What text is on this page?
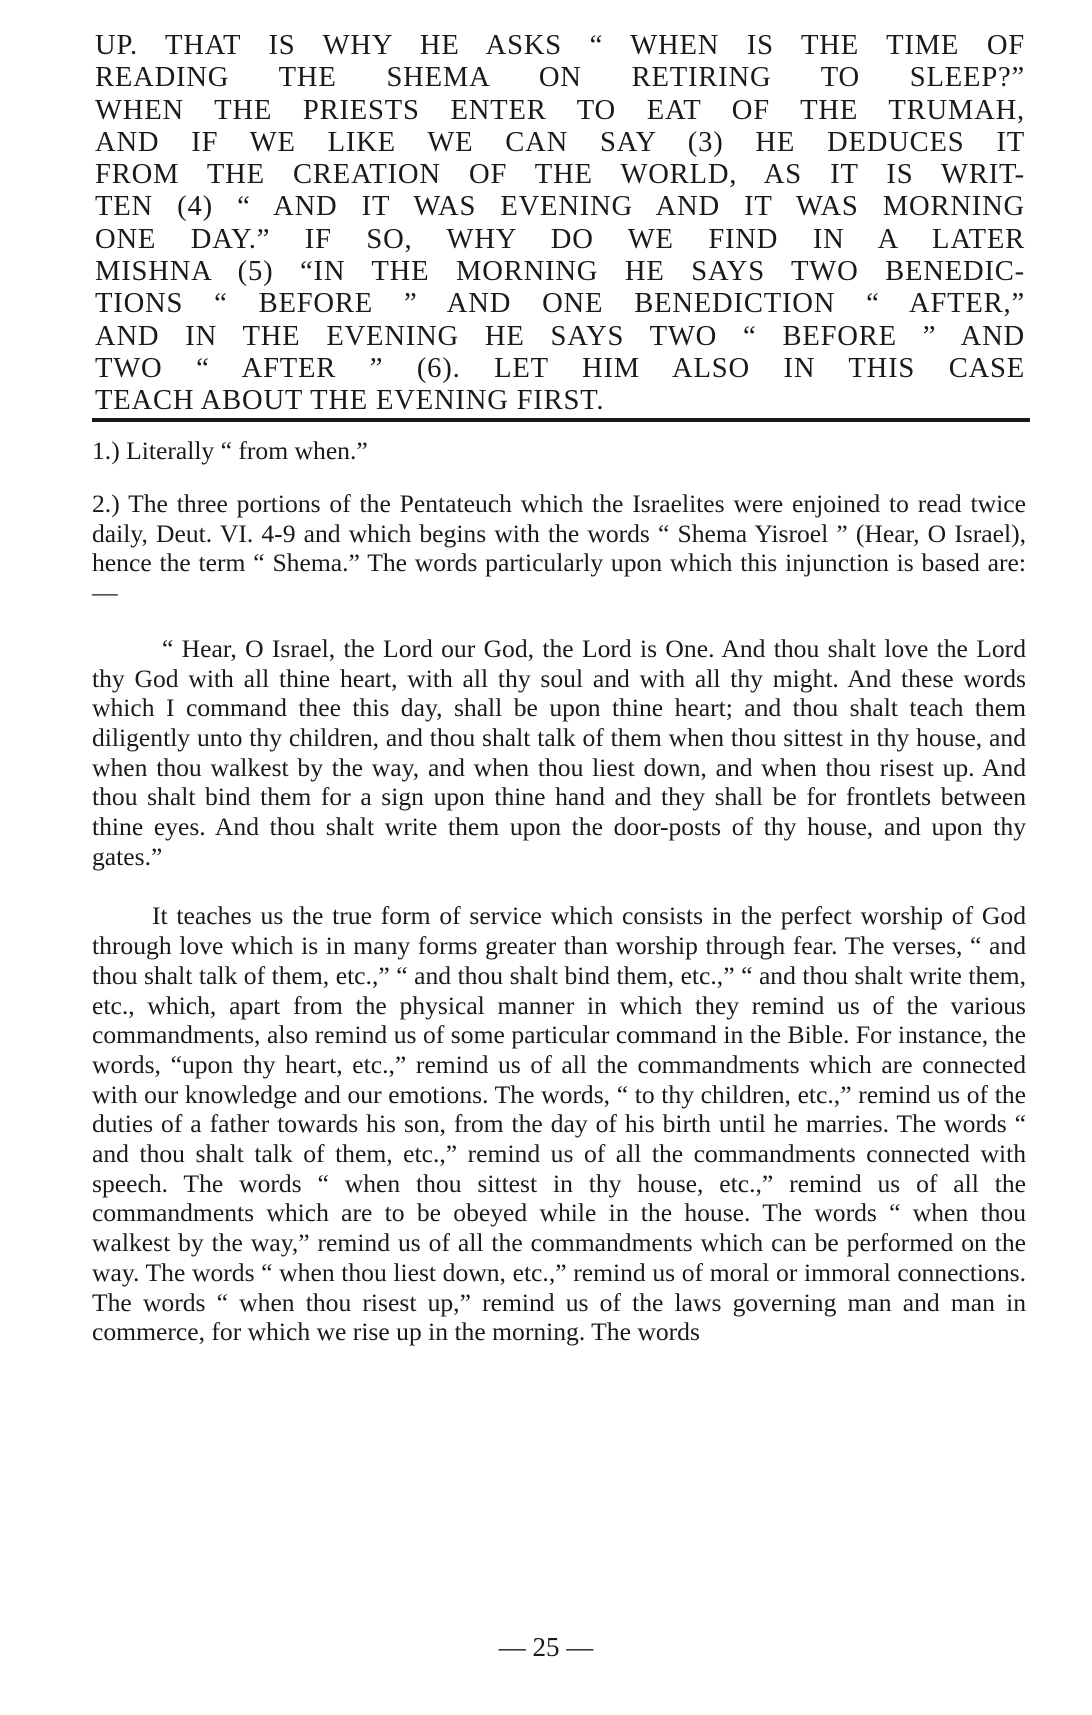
UP. THAT IS WHY HE ASKS “ WHEN IS THE TIME OF
READING THE SHEMA ON RETIRING TO SLEEP?”
WHEN THE PRIESTS ENTER TO EAT OF THE TRUMAH,
AND IF WE LIKE WE CAN SAY (3) HE DEDUCES IT
FROM THE CREATION OF THE WORLD, AS IT IS WRIT-
TEN (4) “ AND IT WAS EVENING AND IT WAS MORNING
ONE DAY.” IF SO, WHY DO WE FIND IN A LATER
MISHNA (5) “IN THE MORNING HE SAYS TWO BENEDIC-
TIONS “ BEFORE ” AND ONE BENEDICTION “ AFTER,”
AND IN THE EVENING HE SAYS TWO “ BEFORE ” AND
TWO “ AFTER ” (6). LET HIM ALSO IN THIS CASE
TEACH ABOUT THE EVENING FIRST.
1.) Literally “ from when.”
2.) The three portions of the Pentateuch which the Israelites were enjoined to read twice daily, Deut. VI. 4-9 and which begins with the words “ Shema Yisroel ” (Hear, O Israel), hence the term “ Shema.” The words particularly upon which this injunction is based are:—
“ Hear, O Israel, the Lord our God, the Lord is One. And thou shalt love the Lord thy God with all thine heart, with all thy soul and with all thy might. And these words which I command thee this day, shall be upon thine heart; and thou shalt teach them diligently unto thy children, and thou shalt talk of them when thou sittest in thy house, and when thou walkest by the way, and when thou liest down, and when thou risest up. And thou shalt bind them for a sign upon thine hand and they shall be for frontlets between thine eyes. And thou shalt write them upon the door-posts of thy house, and upon thy gates.”
It teaches us the true form of service which consists in the perfect worship of God through love which is in many forms greater than worship through fear. The verses, “ and thou shalt talk of them, etc.,” “ and thou shalt bind them, etc.,” “ and thou shalt write them, etc., which, apart from the physical manner in which they remind us of the various commandments, also remind us of some particular command in the Bible. For instance, the words, “upon thy heart, etc.,” remind us of all the commandments which are connected with our knowledge and our emotions. The words, “ to thy children, etc.,” remind us of the duties of a father towards his son, from the day of his birth until he marries. The words “ and thou shalt talk of them, etc.,” remind us of all the commandments connected with speech. The words “ when thou sittest in thy house, etc.,” remind us of all the commandments which are to be obeyed while in the house. The words “ when thou walkest by the way,” remind us of all the commandments which can be performed on the way. The words “ when thou liest down, etc.,” remind us of moral or immoral connections. The words “ when thou risest up,” remind us of the laws governing man and man in commerce, for which we rise up in the morning. The words
— 25 —
